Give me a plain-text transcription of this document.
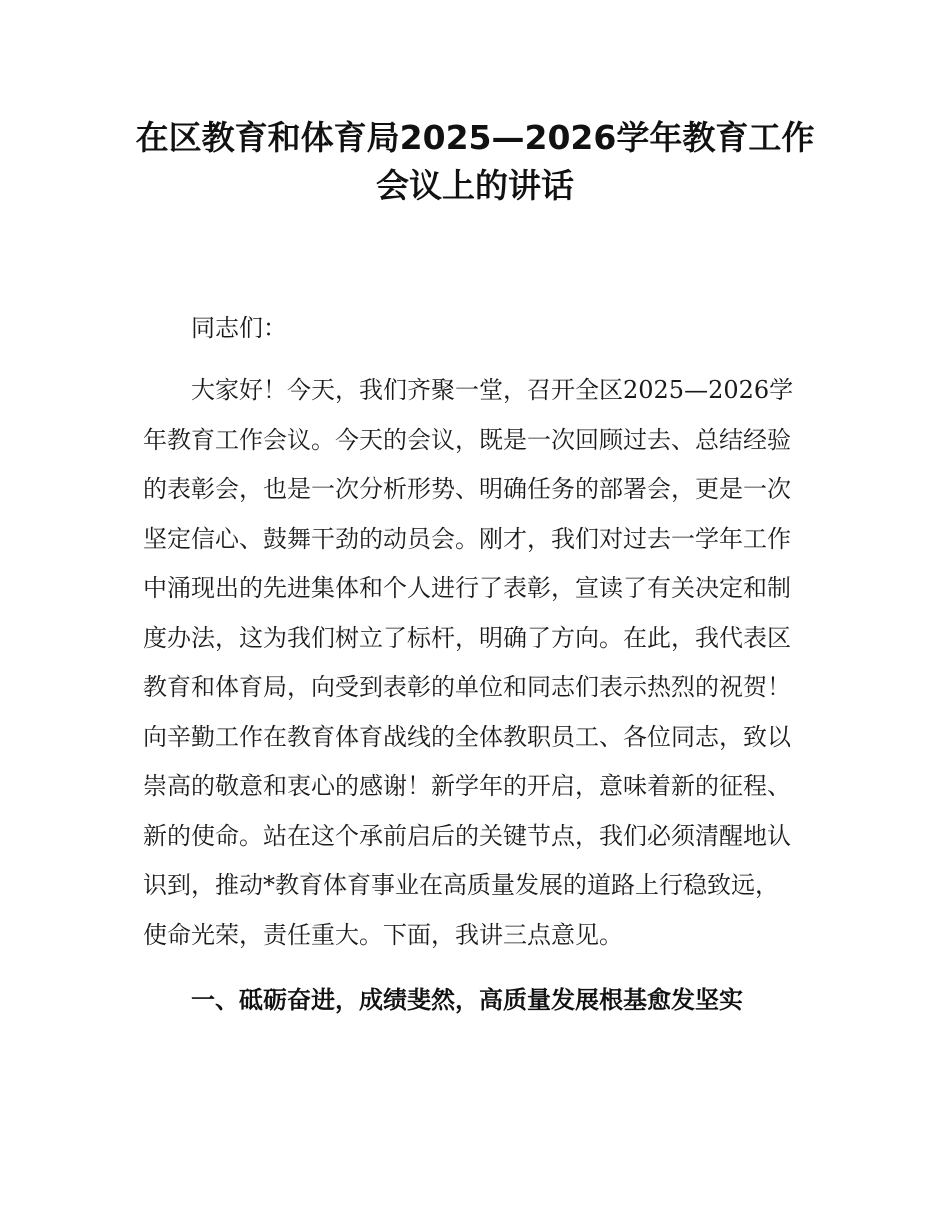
在区教育和体育局2025—2026学年教育工作
会议上的讲话
同志们：
大家好！今天，我们齐聚一堂，召开全区2025—2026学
年教育工作会议。今天的会议，既是一次回顾过去、总结经验
的表彰会，也是一次分析形势、明确任务的部署会，更是一次
坚定信心、鼓舞干劲的动员会。刚才，我们对过去一学年工作
中涌现出的先进集体和个人进行了表彰，宣读了有关决定和制
度办法，这为我们树立了标杆，明确了方向。在此，我代表区
教育和体育局，向受到表彰的单位和同志们表示热烈的祝贺！
向辛勤工作在教育体育战线的全体教职员工、各位同志，致以
崇高的敬意和衷心的感谢！新学年的开启，意味着新的征程、
新的使命。站在这个承前启后的关键节点，我们必须清醒地认
识到，推动*教育体育事业在高质量发展的道路上行稳致远，
使命光荣，责任重大。下面，我讲三点意见。
一、砥砺奋进，成绩斐然，高质量发展根基愈发坚实
